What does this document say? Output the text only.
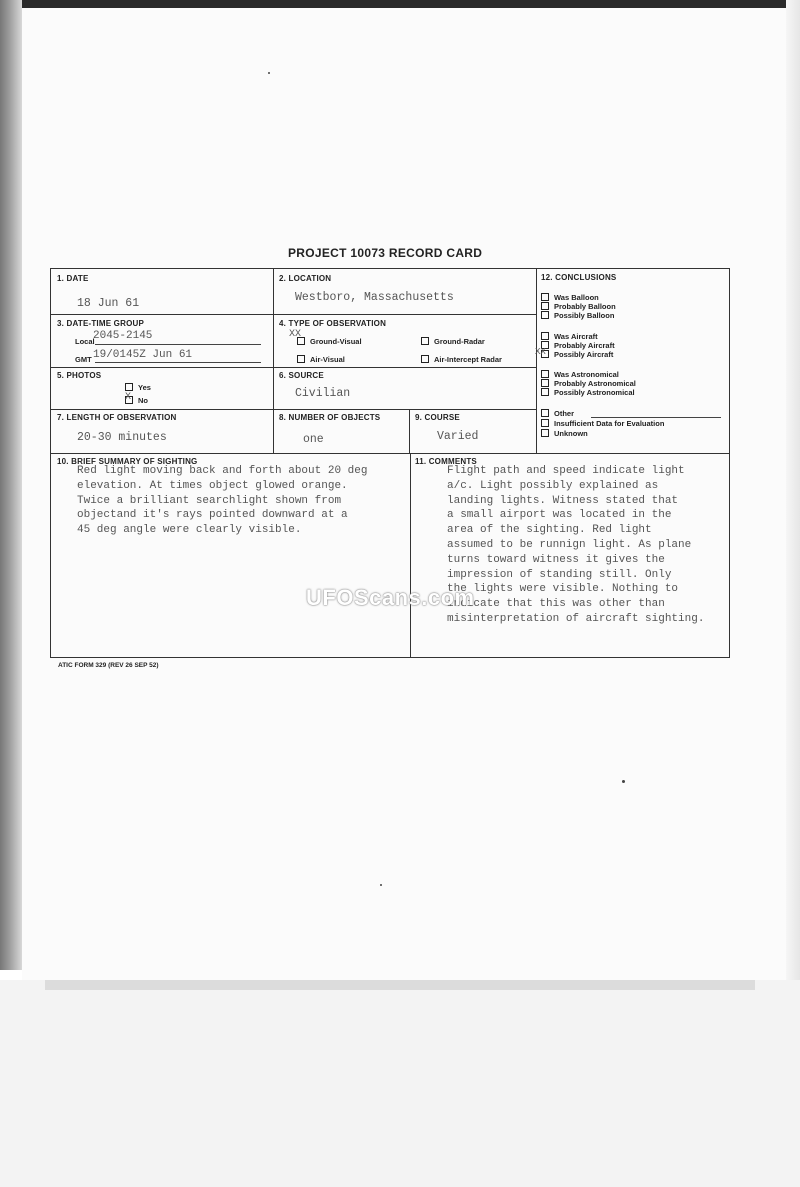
PROJECT 10073 RECORD CARD
1. DATE
18 Jun 61
2. LOCATION
Westboro, Massachusetts
3. DATE-TIME GROUP
Local
2045-2145
GMT 19/0145Z Jun 61
4. TYPE OF OBSERVATION
XX
Ground-Visual	Ground-Radar
Air-Visual	Air-Intercept Radar
5. PHOTOS
Yes
No
X
6. SOURCE
Civilian
7. LENGTH OF OBSERVATION
20-30 minutes
8. NUMBER OF OBJECTS
one
9. COURSE
Varied
12. CONCLUSIONS
Was Balloon
Probably Balloon
Possibly Balloon
Was Aircraft
Probably Aircraft
Possibly Aircraft
XX
Was Astronomical
Probably Astronomical
Possibly Astronomical
Other
Insufficient Data for Evaluation
Unknown
10. BRIEF SUMMARY OF SIGHTING
Red light moving back and forth about 20 deg
elevation. At times object glowed orange.
Twice a brilliant searchlight shown from
objectand it's rays pointed downward at a
45 deg angle were clearly visible.
11. COMMENTS
Flight path and speed indicate light
a/c. Light possibly explained as
landing lights. Witness stated that
a small airport was located in the
area of the sighting. Red light
assumed to be runnign light. As plane
turns toward witness it gives the
impression of standing still. Only
the lights were visible. Nothing to
indicate that this was other than
misinterpretation of aircraft sighting.
ATIC FORM 329 (REV 26 SEP 52)
UFOScans.com
